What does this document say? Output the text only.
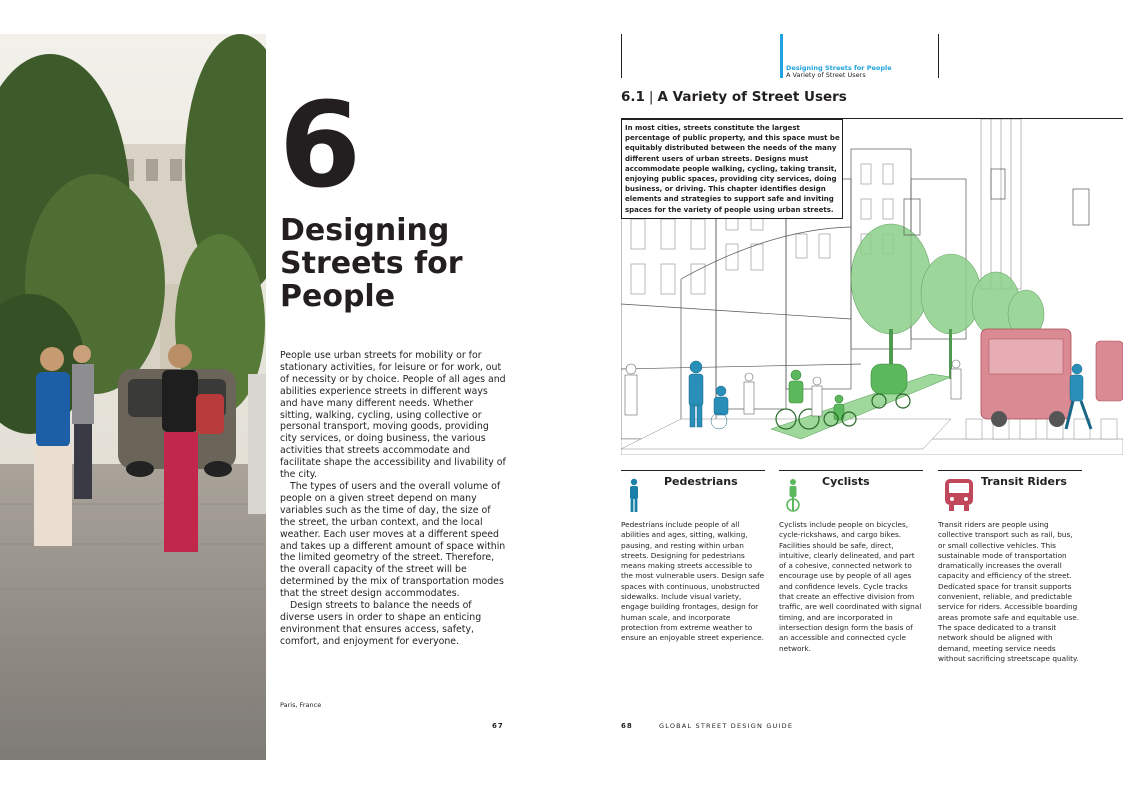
6
Designing Streets for People

People use urban streets for mobility or for stationary activities, for leisure or for work, out of necessity or by choice. People of all ages and abilities experience streets in different ways and have many different needs. Whether sitting, walking, cycling, using collective or personal transport, moving goods, providing city services, or doing business, the various activities that streets accommodate and facilitate shape the accessibility and livability of the city.

The types of users and the overall volume of people on a given street depend on many variables such as the time of day, the size of the street, the urban context, and the local weather. Each user moves at a different speed and takes up a different amount of space within the limited geometry of the street. Therefore, the overall capacity of the street will be determined by the mix of transportation modes that the street design accommodates.

Design streets to balance the needs of diverse users in order to shape an enticing environment that ensures access, safety, comfort, and enjoyment for everyone.

Paris, France
67
Designing Streets for People
A Variety of Street Users
6.1 | A Variety of Street Users
In most cities, streets constitute the largest percentage of public property, and this space must be equitably distributed between the needs of the many different users of urban streets. Designs must accommodate people walking, cycling, taking transit, enjoying public spaces, providing city services, doing business, or driving. This chapter identifies design elements and strategies to support safe and inviting spaces for the variety of people using urban streets.
Pedestrians
Pedestrians include people of all abilities and ages, sitting, walking, pausing, and resting within urban streets. Designing for pedestrians means making streets accessible to the most vulnerable users. Design safe spaces with continuous, unobstructed sidewalks. Include visual variety, engage building frontages, design for human scale, and incorporate protection from extreme weather to ensure an enjoyable street experience.
Cyclists
Cyclists include people on bicycles, cycle-rickshaws, and cargo bikes. Facilities should be safe, direct, intuitive, clearly delineated, and part of a cohesive, connected network to encourage use by people of all ages and confidence levels. Cycle tracks that create an effective division from traffic, are well coordinated with signal timing, and are incorporated in intersection design form the basis of an accessible and connected cycle network.
Transit Riders
Transit riders are people using collective transport such as rail, bus, or small collective vehicles. This sustainable mode of transportation dramatically increases the overall capacity and efficiency of the street. Dedicated space for transit supports convenient, reliable, and predictable service for riders. Accessible boarding areas promote safe and equitable use. The space dedicated to a transit network should be aligned with demand, meeting service needs without sacrificing streetscape quality.
68	GLOBAL STREET DESIGN GUIDE
